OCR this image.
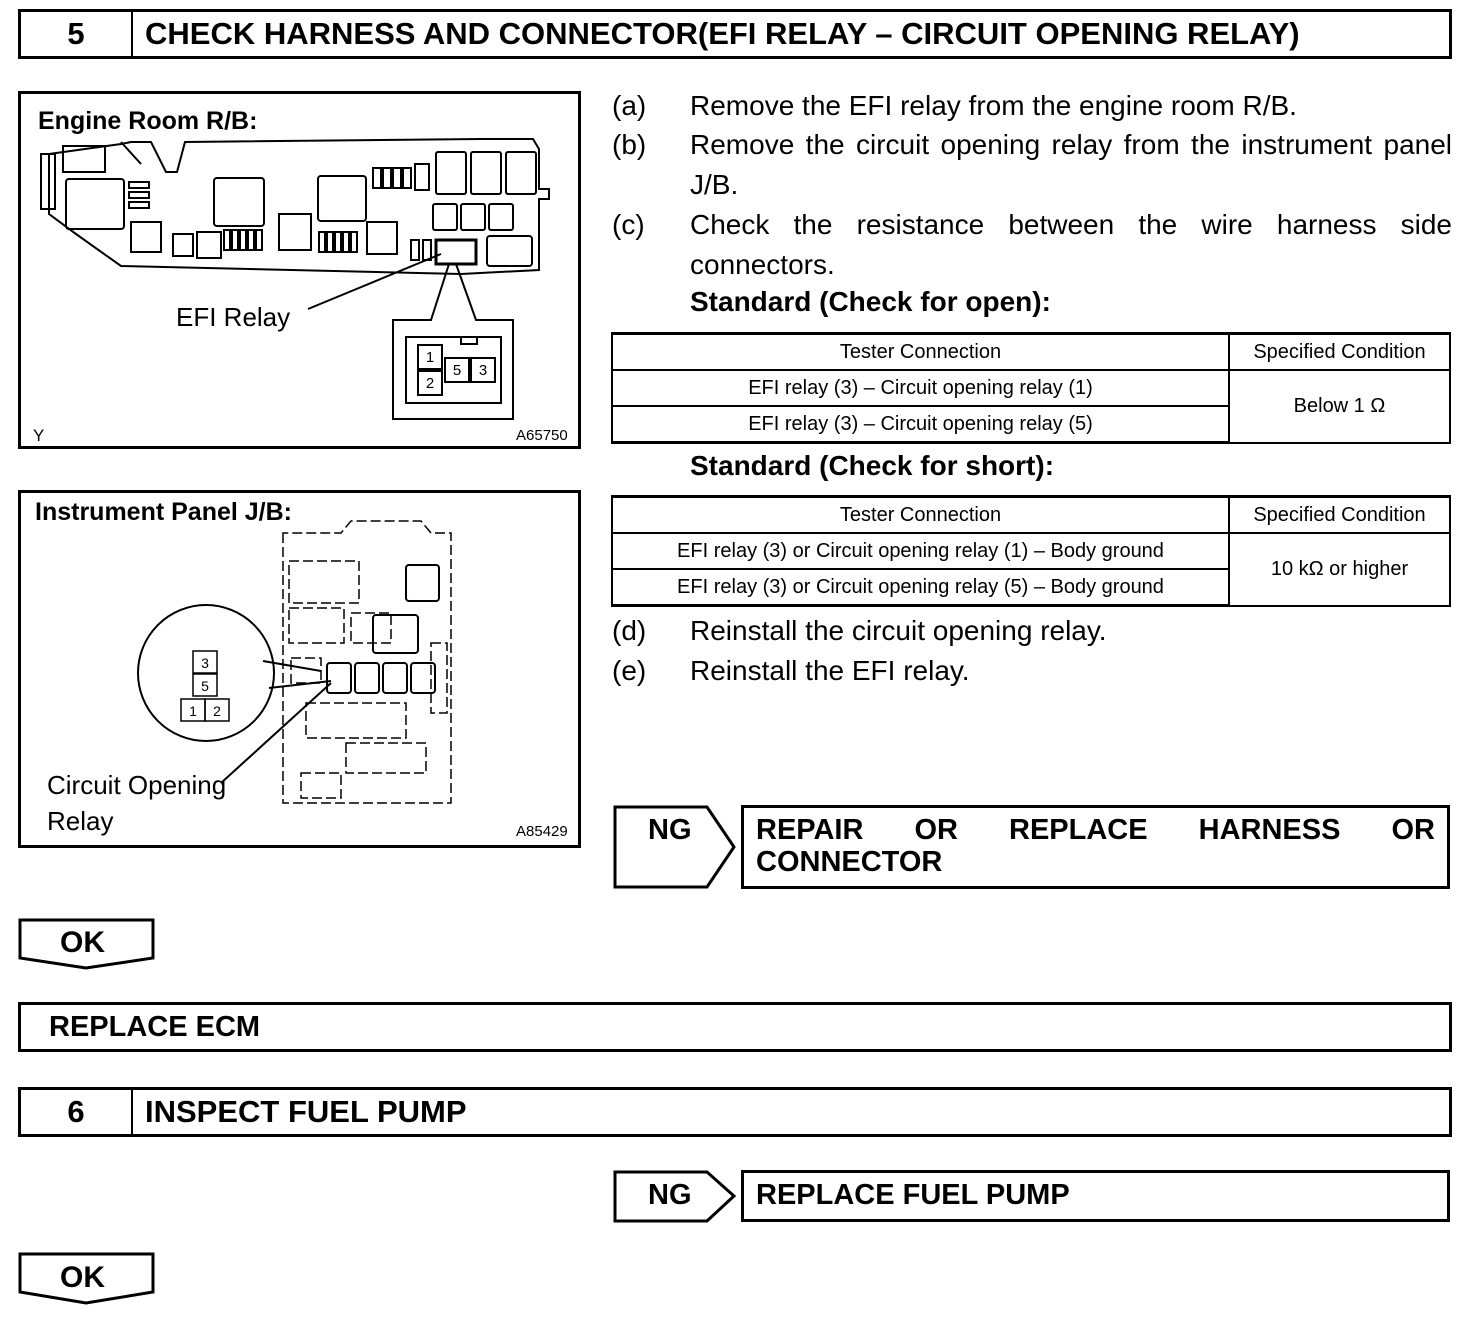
5	CHECK HARNESS AND CONNECTOR(EFI RELAY – CIRCUIT OPENING RELAY)
1
2
5 3
Engine Room R/B:
EFI Relay
Y	A65750
3
5
1 2
Instrument Panel J/B:
Circuit Opening
Relay	A85429
(a) Remove the EFI relay from the engine room R/B.
(b) Remove the circuit opening relay from the instrument panel J/B.
(c) Check the resistance between the wire harness side connectors.
Standard (Check for open):
Tester Connection	Specified Condition
EFI relay (3) – Circuit opening relay (1)	Below 1 Ω
EFI relay (3) – Circuit opening relay (5)	
Standard (Check for short):
Tester Connection	Specified Condition
EFI relay (3) or Circuit opening relay (1) – Body ground	10 kΩ or higher
EFI relay (3) or Circuit opening relay (5) – Body ground	
(d) Reinstall the circuit opening relay.
(e) Reinstall the EFI relay.
NG	REPAIR OR REPLACE HARNESS OR CONNECTOR
OK
REPLACE ECM
6	INSPECT FUEL PUMP
NG	REPLACE FUEL PUMP
OK
